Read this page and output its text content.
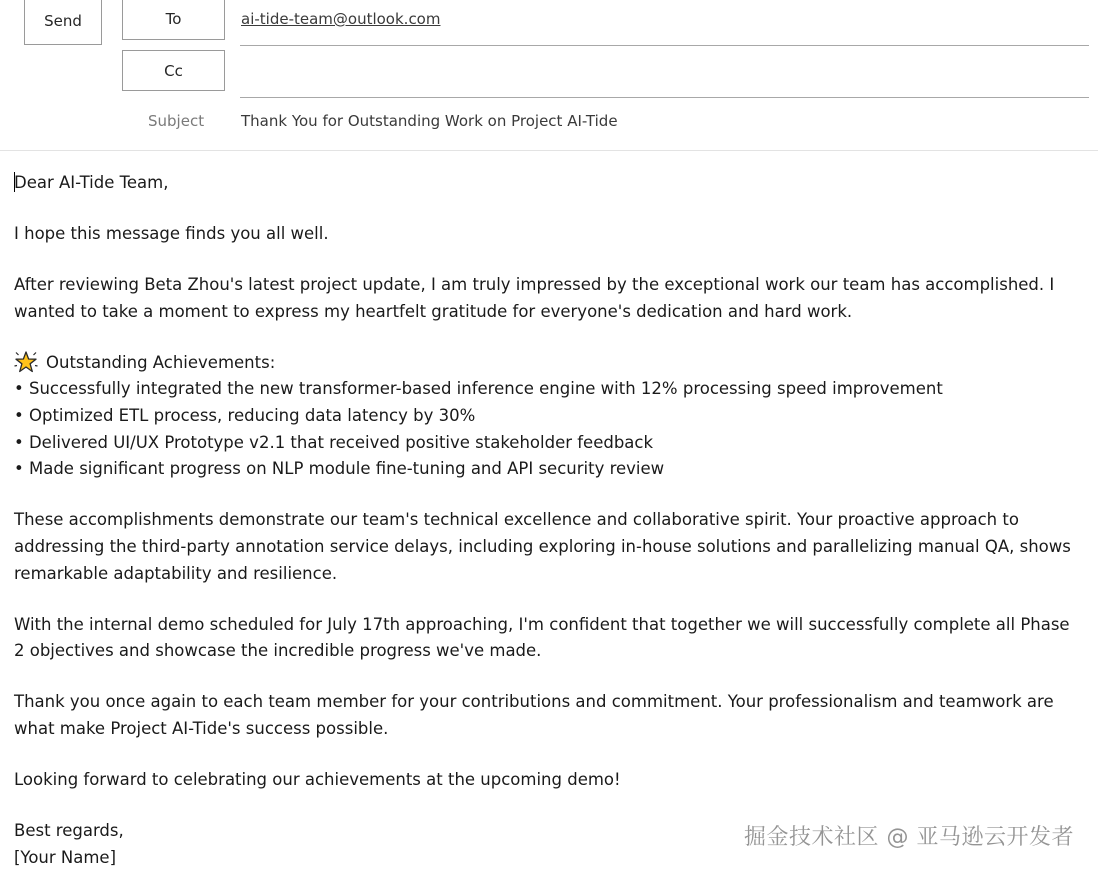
Send	To
Cc
ai-tide-team@outlook.com
Subject Thank You for Outstanding Work on Project AI-Tide

Dear AI-Tide Team,

I hope this message finds you all well.

After reviewing Beta Zhou's latest project update, I am truly impressed by the exceptional work our team has accomplished. I wanted to take a moment to express my heartfelt gratitude for everyone's dedication and hard work.

Outstanding Achievements:

• Successfully integrated the new transformer-based inference engine with 12% processing speed improvement

• Optimized ETL process, reducing data latency by 30%

• Delivered UI/UX Prototype v2.1 that received positive stakeholder feedback

• Made significant progress on NLP module fine-tuning and API security review

These accomplishments demonstrate our team's technical excellence and collaborative spirit. Your proactive approach to addressing the third-party annotation service delays, including exploring in-house solutions and parallelizing manual QA, shows remarkable adaptability and resilience.

With the internal demo scheduled for July 17th approaching, I'm confident that together we will successfully complete all Phase 2 objectives and showcase the incredible progress we've made.

Thank you once again to each team member for your contributions and commitment. Your professionalism and teamwork are what make Project AI-Tide's success possible.

Looking forward to celebrating our achievements at the upcoming demo!

Best regards,

[Your Name]

掘金技术社区 @ 亚马逊云开发者
